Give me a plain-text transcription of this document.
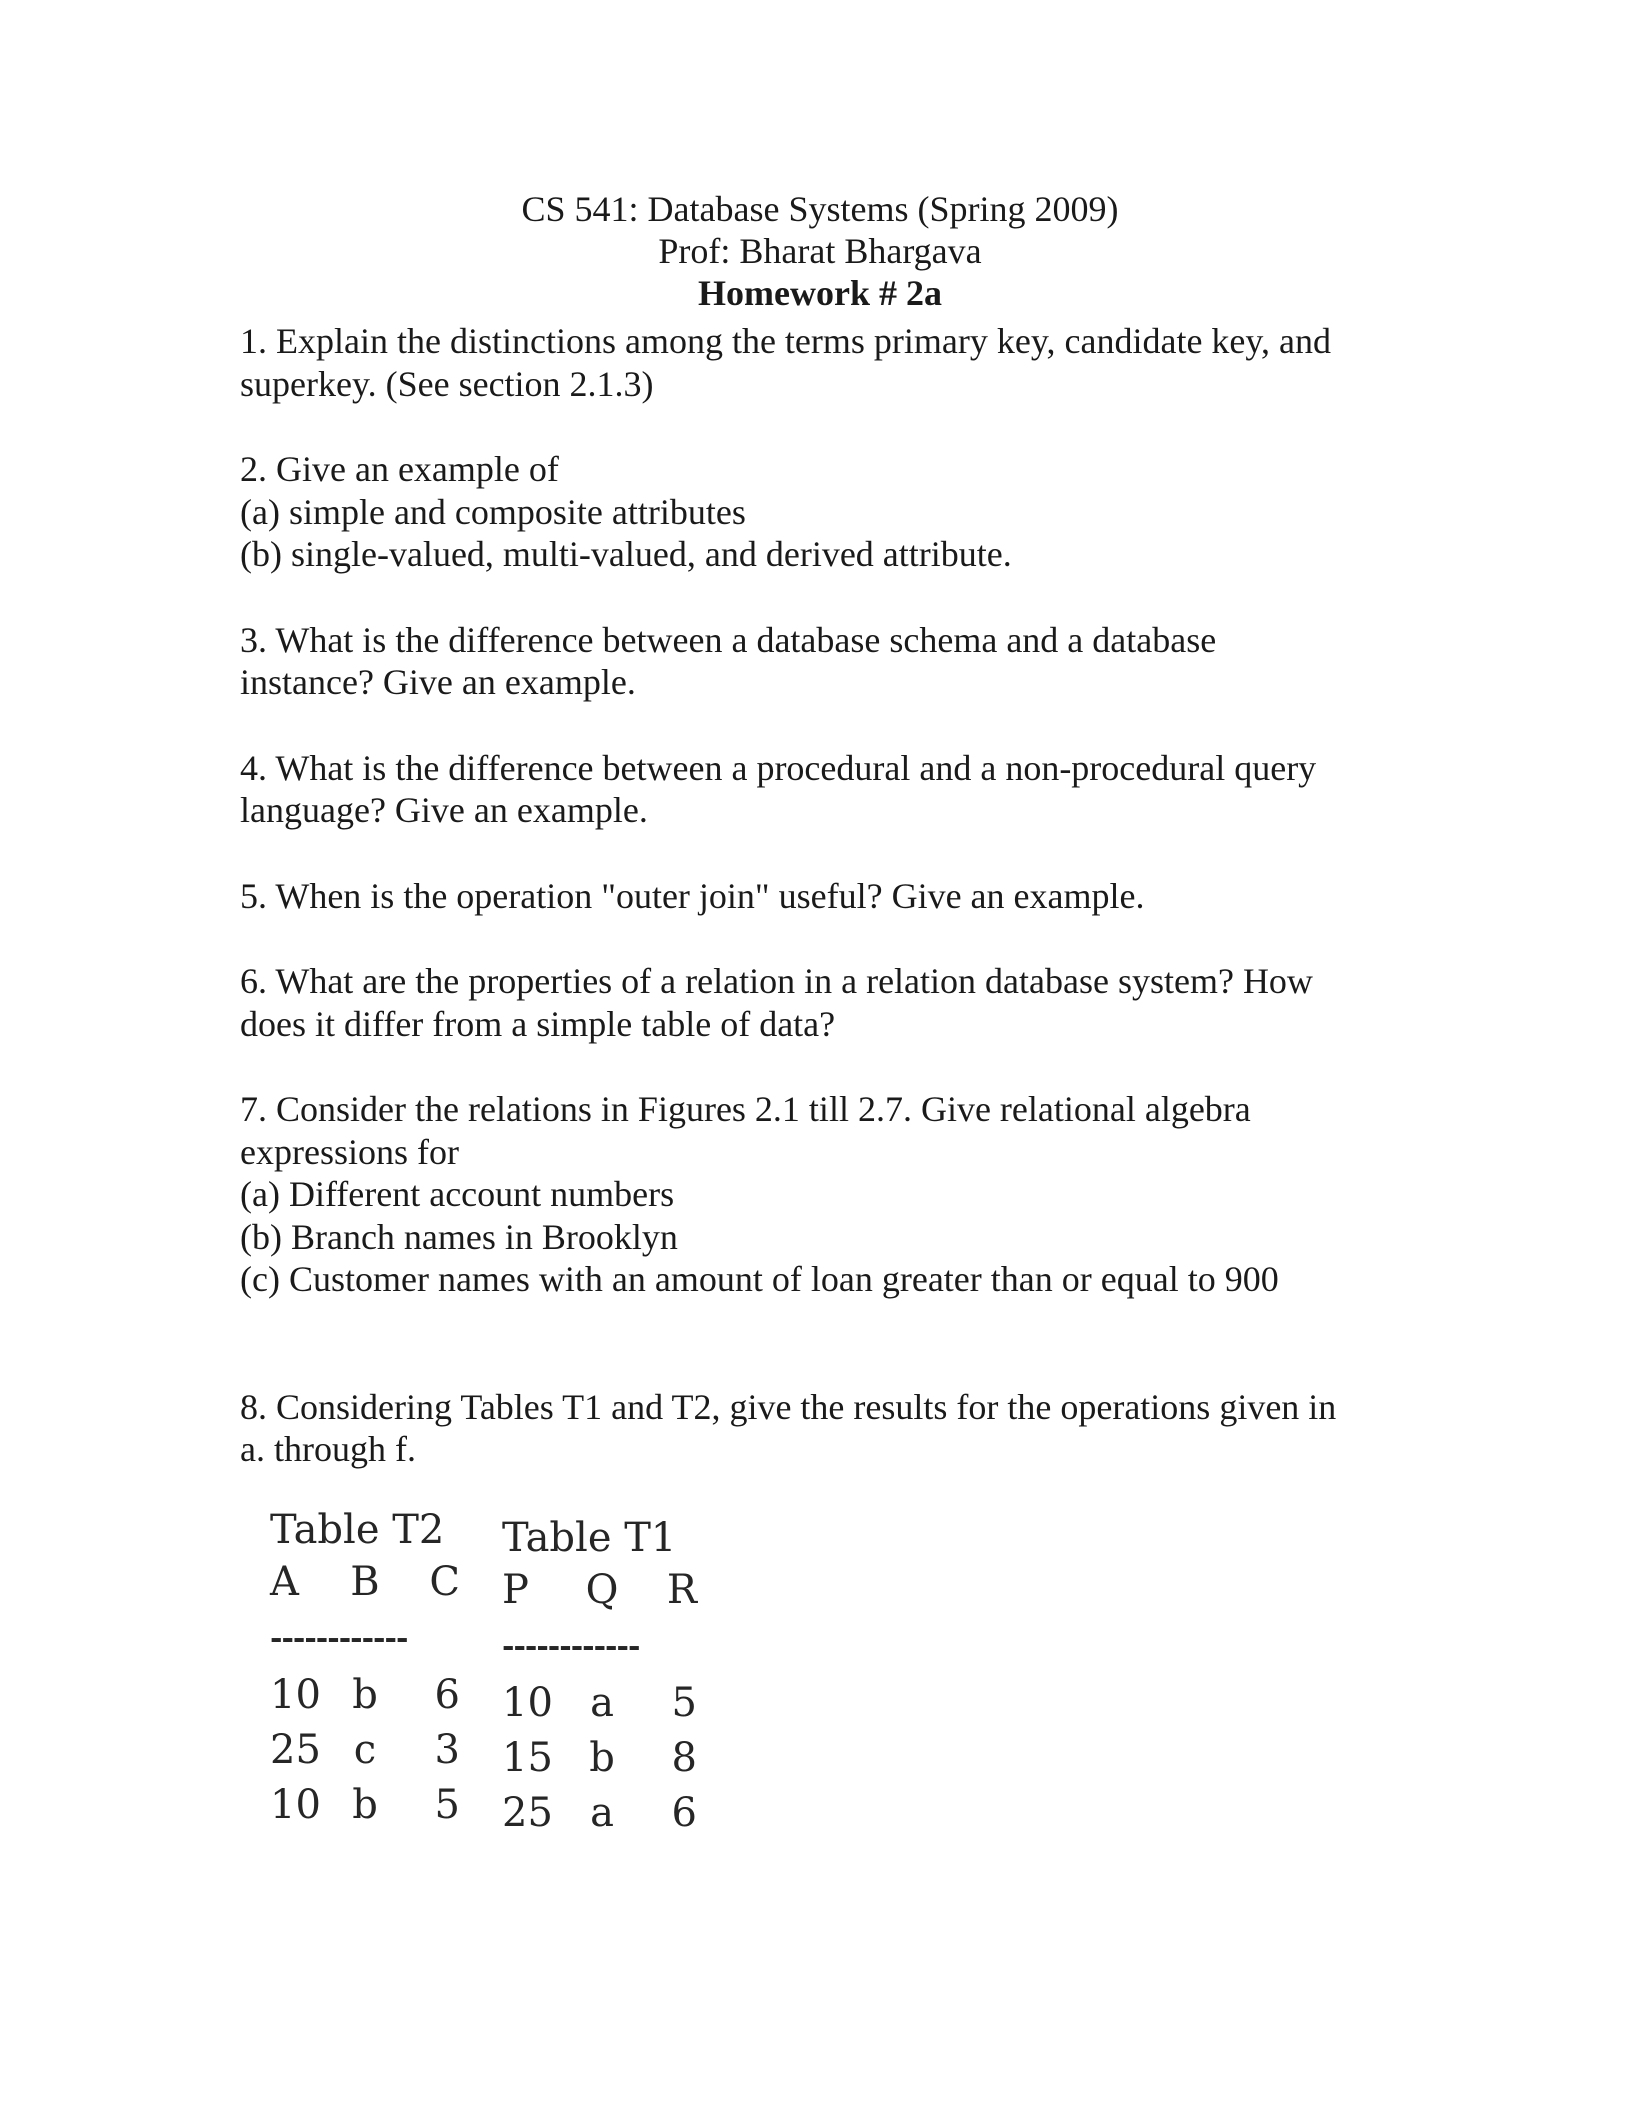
CS 541: Database Systems (Spring 2009)
Prof: Bharat Bhargava
Homework # 2a

1. Explain the distinctions among the terms primary key, candidate key, and

superkey. (See section 2.1.3)

2. Give an example of

(a) simple and composite attributes

(b) single-valued, multi-valued, and derived attribute.

3. What is the difference between a database schema and a database

instance? Give an example.

4. What is the difference between a procedural and a non-procedural query

language? Give an example.

5. When is the operation "outer join" useful? Give an example.

6. What are the properties of a relation in a relation database system? How

does it differ from a simple table of data?

7. Consider the relations in Figures 2.1 till 2.7. Give relational algebra

expressions for

(a) Different account numbers

(b) Branch names in Brooklyn

(c) Customer names with an amount of loan greater than or equal to 900

8. Considering Tables T1 and T2, give the results for the operations given in

a. through f.

Table T2
A	B	C
------------
10 b	6
25 c	3
10 b	5
Table T1
P	Q	R
------------
10 a	5
15 b	8
25 a	6
